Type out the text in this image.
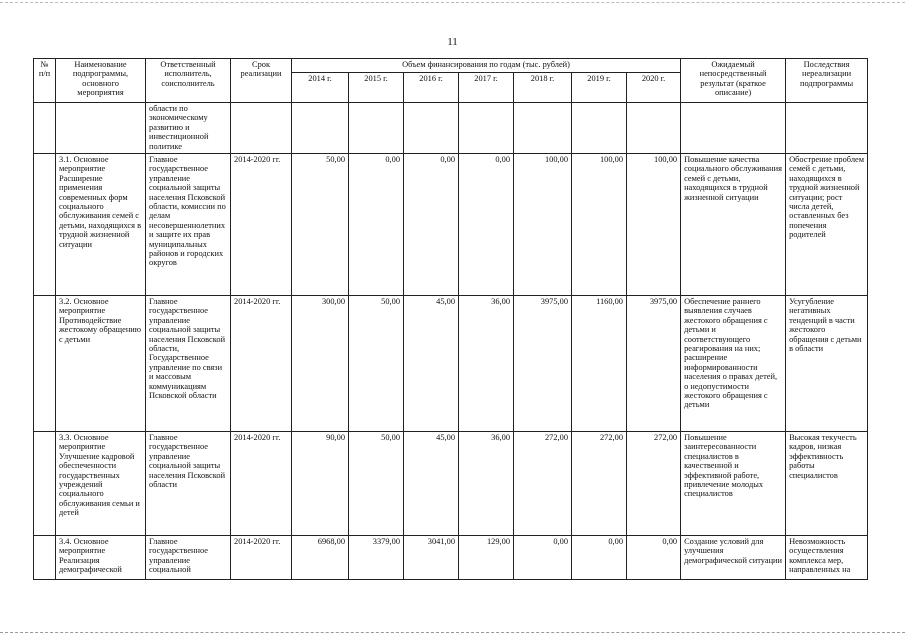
11
№ п/п	Наименование подпрограммы, основного мероприятия	Ответственный исполнитель, соисполнитель	Срок реализации	Объем финансирования по годам (тыс. рублей)							Ожидаемый непосредственный результат (краткое описание)	Последствия нереализации подпрограммы
				2014 г.	2015 г.	2016 г.	2017 г.	2018 г.	2019 г.	2020 г.		
		области по экономическому развитию и инвестиционной политике										
	3.1. Основное мероприятие Расширение применения современных форм социального обслуживания семей с детьми, находящихся в трудной жизненной ситуации	Главное государственное управление социальной защиты населения Псковской области, комиссии по делам несовершеннолетних и защите их прав муниципальных районов и городских округов	2014-2020 гг.	50,00	0,00	0,00	0,00	100,00	100,00	100,00	Повышение качества социального обслуживания семей с детьми, находящихся в трудной жизненной ситуации	Обострение проблем семей с детьми, находящихся в трудной жизненной ситуации; рост числа детей, оставленных без попечения родителей
	3.2. Основное мероприятие Противодействие жестокому обращению с детьми	Главное государственное управление социальной защиты населения Псковской области, Государственное управление по связи и массовым коммуникациям Псковской области	2014-2020 гг.	300,00	50,00	45,00	36,00	3975,00	1160,00	3975,00	Обеспечение раннего выявления случаев жестокого обращения с детьми и соответствующего реагирования на них; расширение информированности населения о правах детей, о недопустимости жестокого обращения с детьми	Усугубление негативных тенденций в части жестокого обращения с детьми в области
	3.3. Основное мероприятие Улучшение кадровой обеспеченности государственных учреждений социального обслуживания семьи и детей	Главное государственное управление социальной защиты населения Псковской области	2014-2020 гг.	90,00	50,00	45,00	36,00	272,00	272,00	272,00	Повышение заинтересованности специалистов в качественной и эффективной работе, привлечение молодых специалистов	Высокая текучесть кадров, низкая эффективность работы специалистов
	3.4. Основное мероприятие Реализация демографической	Главное государственное управление социальной	2014-2020 гг.	6968,00	3379,00	3041,00	129,00	0,00	0,00	0,00	Создание условий для улучшения демографической ситуации	Невозможность осуществления комплекса мер, направленных на
